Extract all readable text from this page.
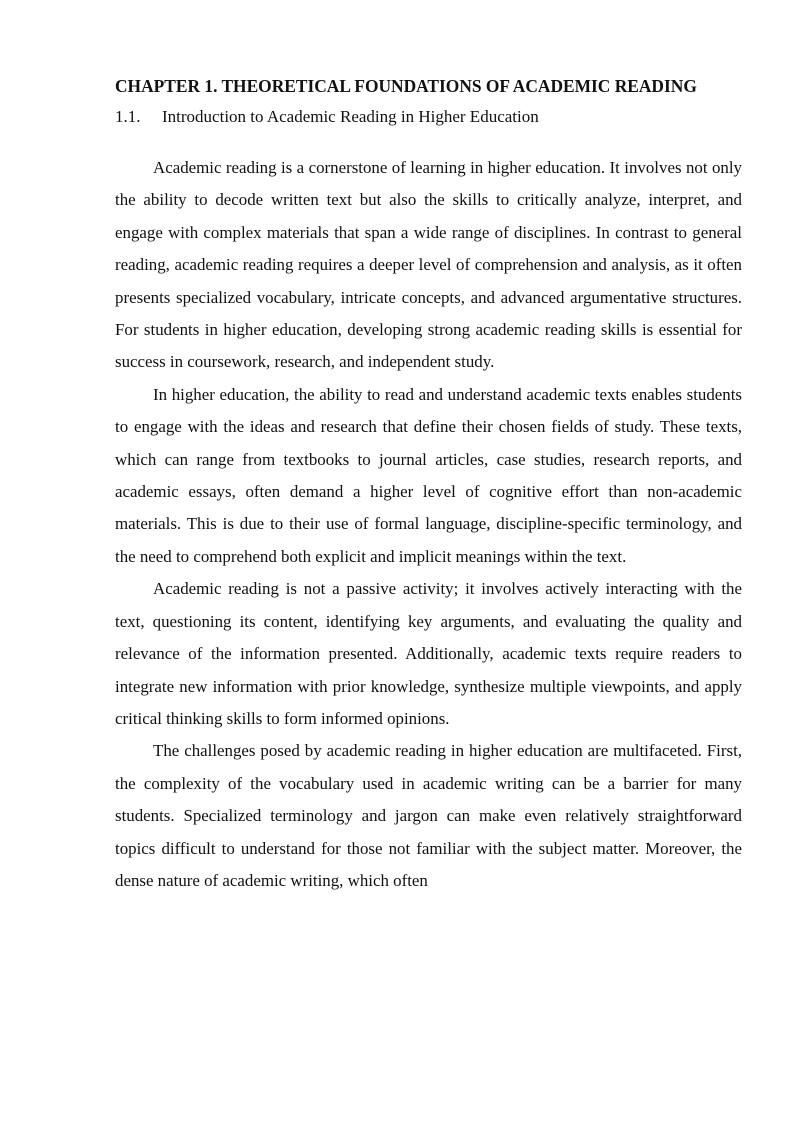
CHAPTER 1. THEORETICAL FOUNDATIONS OF ACADEMIC READING
1.1.	Introduction to Academic Reading in Higher Education

Academic reading is a cornerstone of learning in higher education. It involves not only the ability to decode written text but also the skills to critically analyze, interpret, and engage with complex materials that span a wide range of disciplines. In contrast to general reading, academic reading requires a deeper level of comprehension and analysis, as it often presents specialized vocabulary, intricate concepts, and advanced argumentative structures. For students in higher education, developing strong academic reading skills is essential for success in coursework, research, and independent study.

In higher education, the ability to read and understand academic texts enables students to engage with the ideas and research that define their chosen fields of study. These texts, which can range from textbooks to journal articles, case studies, research reports, and academic essays, often demand a higher level of cognitive effort than non-academic materials. This is due to their use of formal language, discipline-specific terminology, and the need to comprehend both explicit and implicit meanings within the text.

Academic reading is not a passive activity; it involves actively interacting with the text, questioning its content, identifying key arguments, and evaluating the quality and relevance of the information presented. Additionally, academic texts require readers to integrate new information with prior knowledge, synthesize multiple viewpoints, and apply critical thinking skills to form informed opinions.

The challenges posed by academic reading in higher education are multifaceted. First, the complexity of the vocabulary used in academic writing can be a barrier for many students. Specialized terminology and jargon can make even relatively straightforward topics difficult to understand for those not familiar with the subject matter. Moreover, the dense nature of academic writing, which often
